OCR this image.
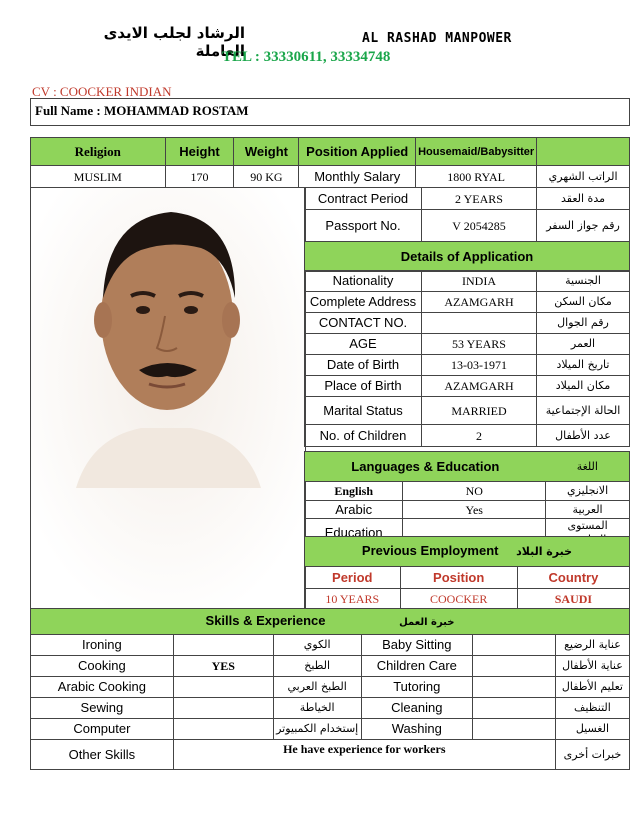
الرشاد لجلب الايدى العاملة
AL RASHAD MANPOWER
TEL : 33330611, 33334748
CV : COOCKER INDIAN
Full Name : MOHAMMAD ROSTAM
Religion	Height	Weight	Position Applied	Housemaid/Babysitter	
MUSLIM	170	90 KG	Monthly Salary	1800 RYAL	الراتب الشهري
Contract Period	2 YEARS	مدة العقد
Passport No.	V 2054285	رقم جواز السفر
Details of Application		
Nationality	INDIA	الجنسية
Complete Address	AZAMGARH	مكان السكن
CONTACT NO.		رقم الجوال
AGE	53 YEARS	العمر
Date of Birth	13-03-1971	تاريخ الميلاد
Place of Birth	AZAMGARH	مكان الميلاد
Marital Status	MARRIED	الحالة الإجتماعية
No. of Children	2	عدد الأطفال
Languages & Education		اللغة
English	NO	الانجليزي
Arabic	Yes	العربية
Education		المستوى التعليمي
Previous Employment خبرة البلاد		
Period	Position	Country
10 YEARS	COOCKER	SAUDI
Skills & Experience خبرة العمل					
Ironing		الكوي	Baby Sitting		عناية الرضيع
Cooking	YES	الطبخ	Children Care		عناية الأطفال
Arabic Cooking		الطبخ العربي	Tutoring		تعليم الأطفال
Sewing		الخياطة	Cleaning		التنظيف
Computer		إستخدام الكمبيوتر	Washing		الغسيل
Other Skills	He have experience for workers				خبرات أخرى
